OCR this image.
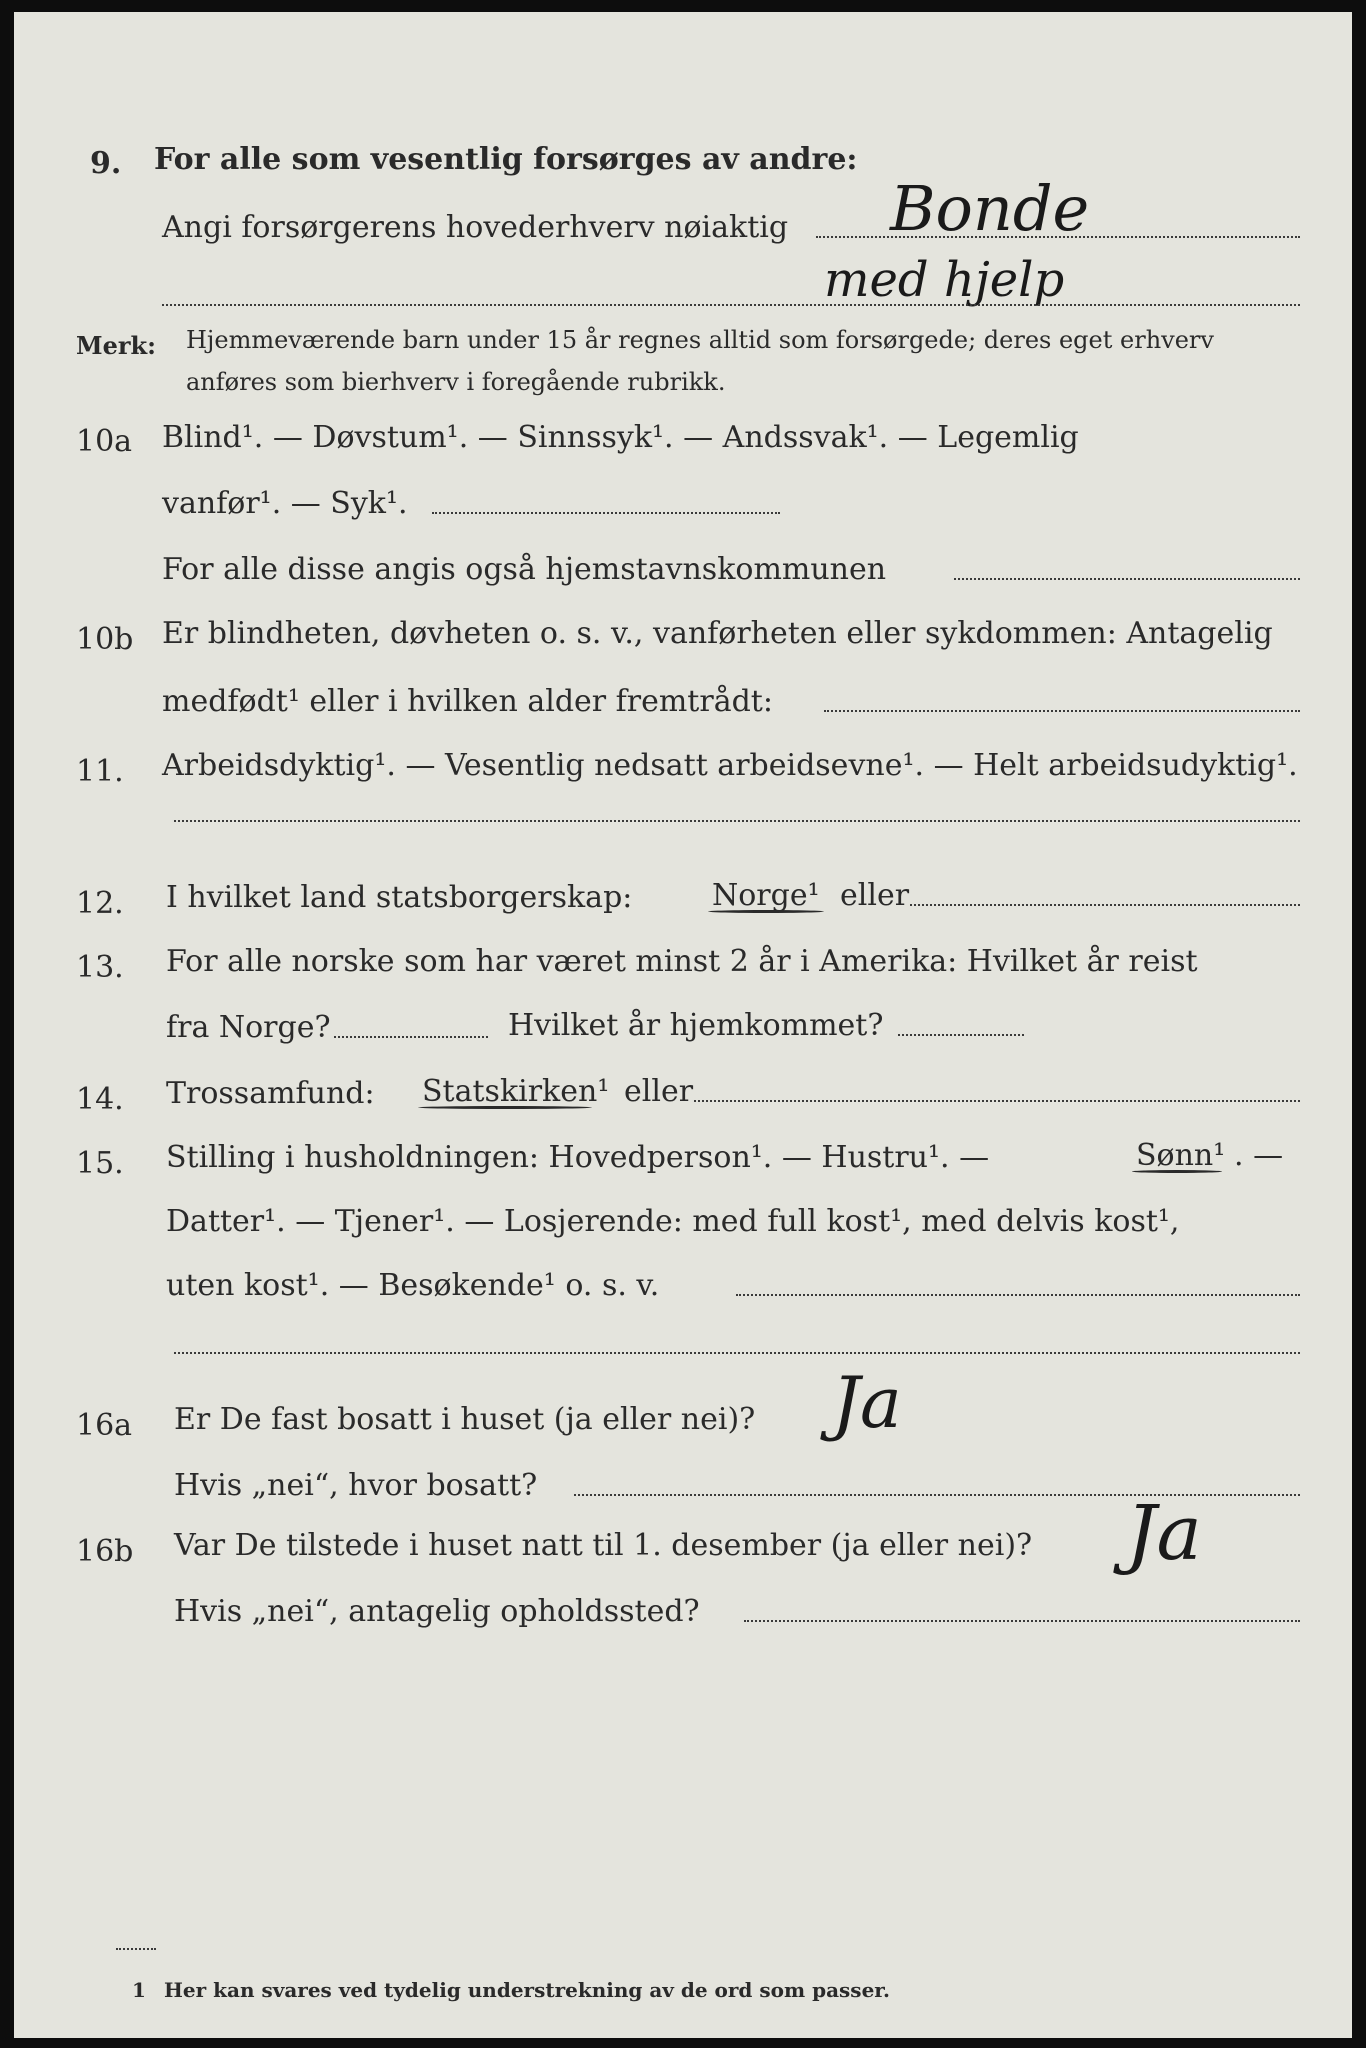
9. For alle som vesentlig forsørges av andre:
Angi forsørgerens hovederhverv nøiaktig Bonde
med hjelp
Merk: Hjemmeværende barn under 15 år regnes alltid som forsørgede; deres eget erhverv
anføres som bierhverv i foregående rubrikk.
10a Blind¹. — Døvstum¹. — Sinnssyk¹. — Andssvak¹. — Legemlig
vanfør¹. — Syk¹.
For alle disse angis også hjemstavnskommunen
10b Er blindheten, døvheten o. s. v., vanførheten eller sykdommen: Antagelig
medfødt¹ eller i hvilken alder fremtrådt:
11. Arbeidsdyktig¹. — Vesentlig nedsatt arbeidsevne¹. — Helt arbeidsudyktig¹.
12. I hvilket land statsborgerskap:	Norge¹ eller
13. For alle norske som har været minst 2 år i Amerika: Hvilket år reist
fra Norge?	Hvilket år hjemkommet?
14. Trossamfund: Statskirken¹ eller
15. Stilling i husholdningen: Hovedperson¹. — Hustru¹. —	Sønn¹ . —
Datter¹. — Tjener¹. — Losjerende: med full kost¹, med delvis kost¹,
uten kost¹. — Besøkende¹ o. s. v.
16a Er De fast bosatt i huset (ja eller nei)? Ja
Hvis „nei“, hvor bosatt?
16b Var De tilstede i huset natt til 1. desember (ja eller nei)? Ja
Hvis „nei“, antagelig opholdssted?
1 Her kan svares ved tydelig understrekning av de ord som passer.
